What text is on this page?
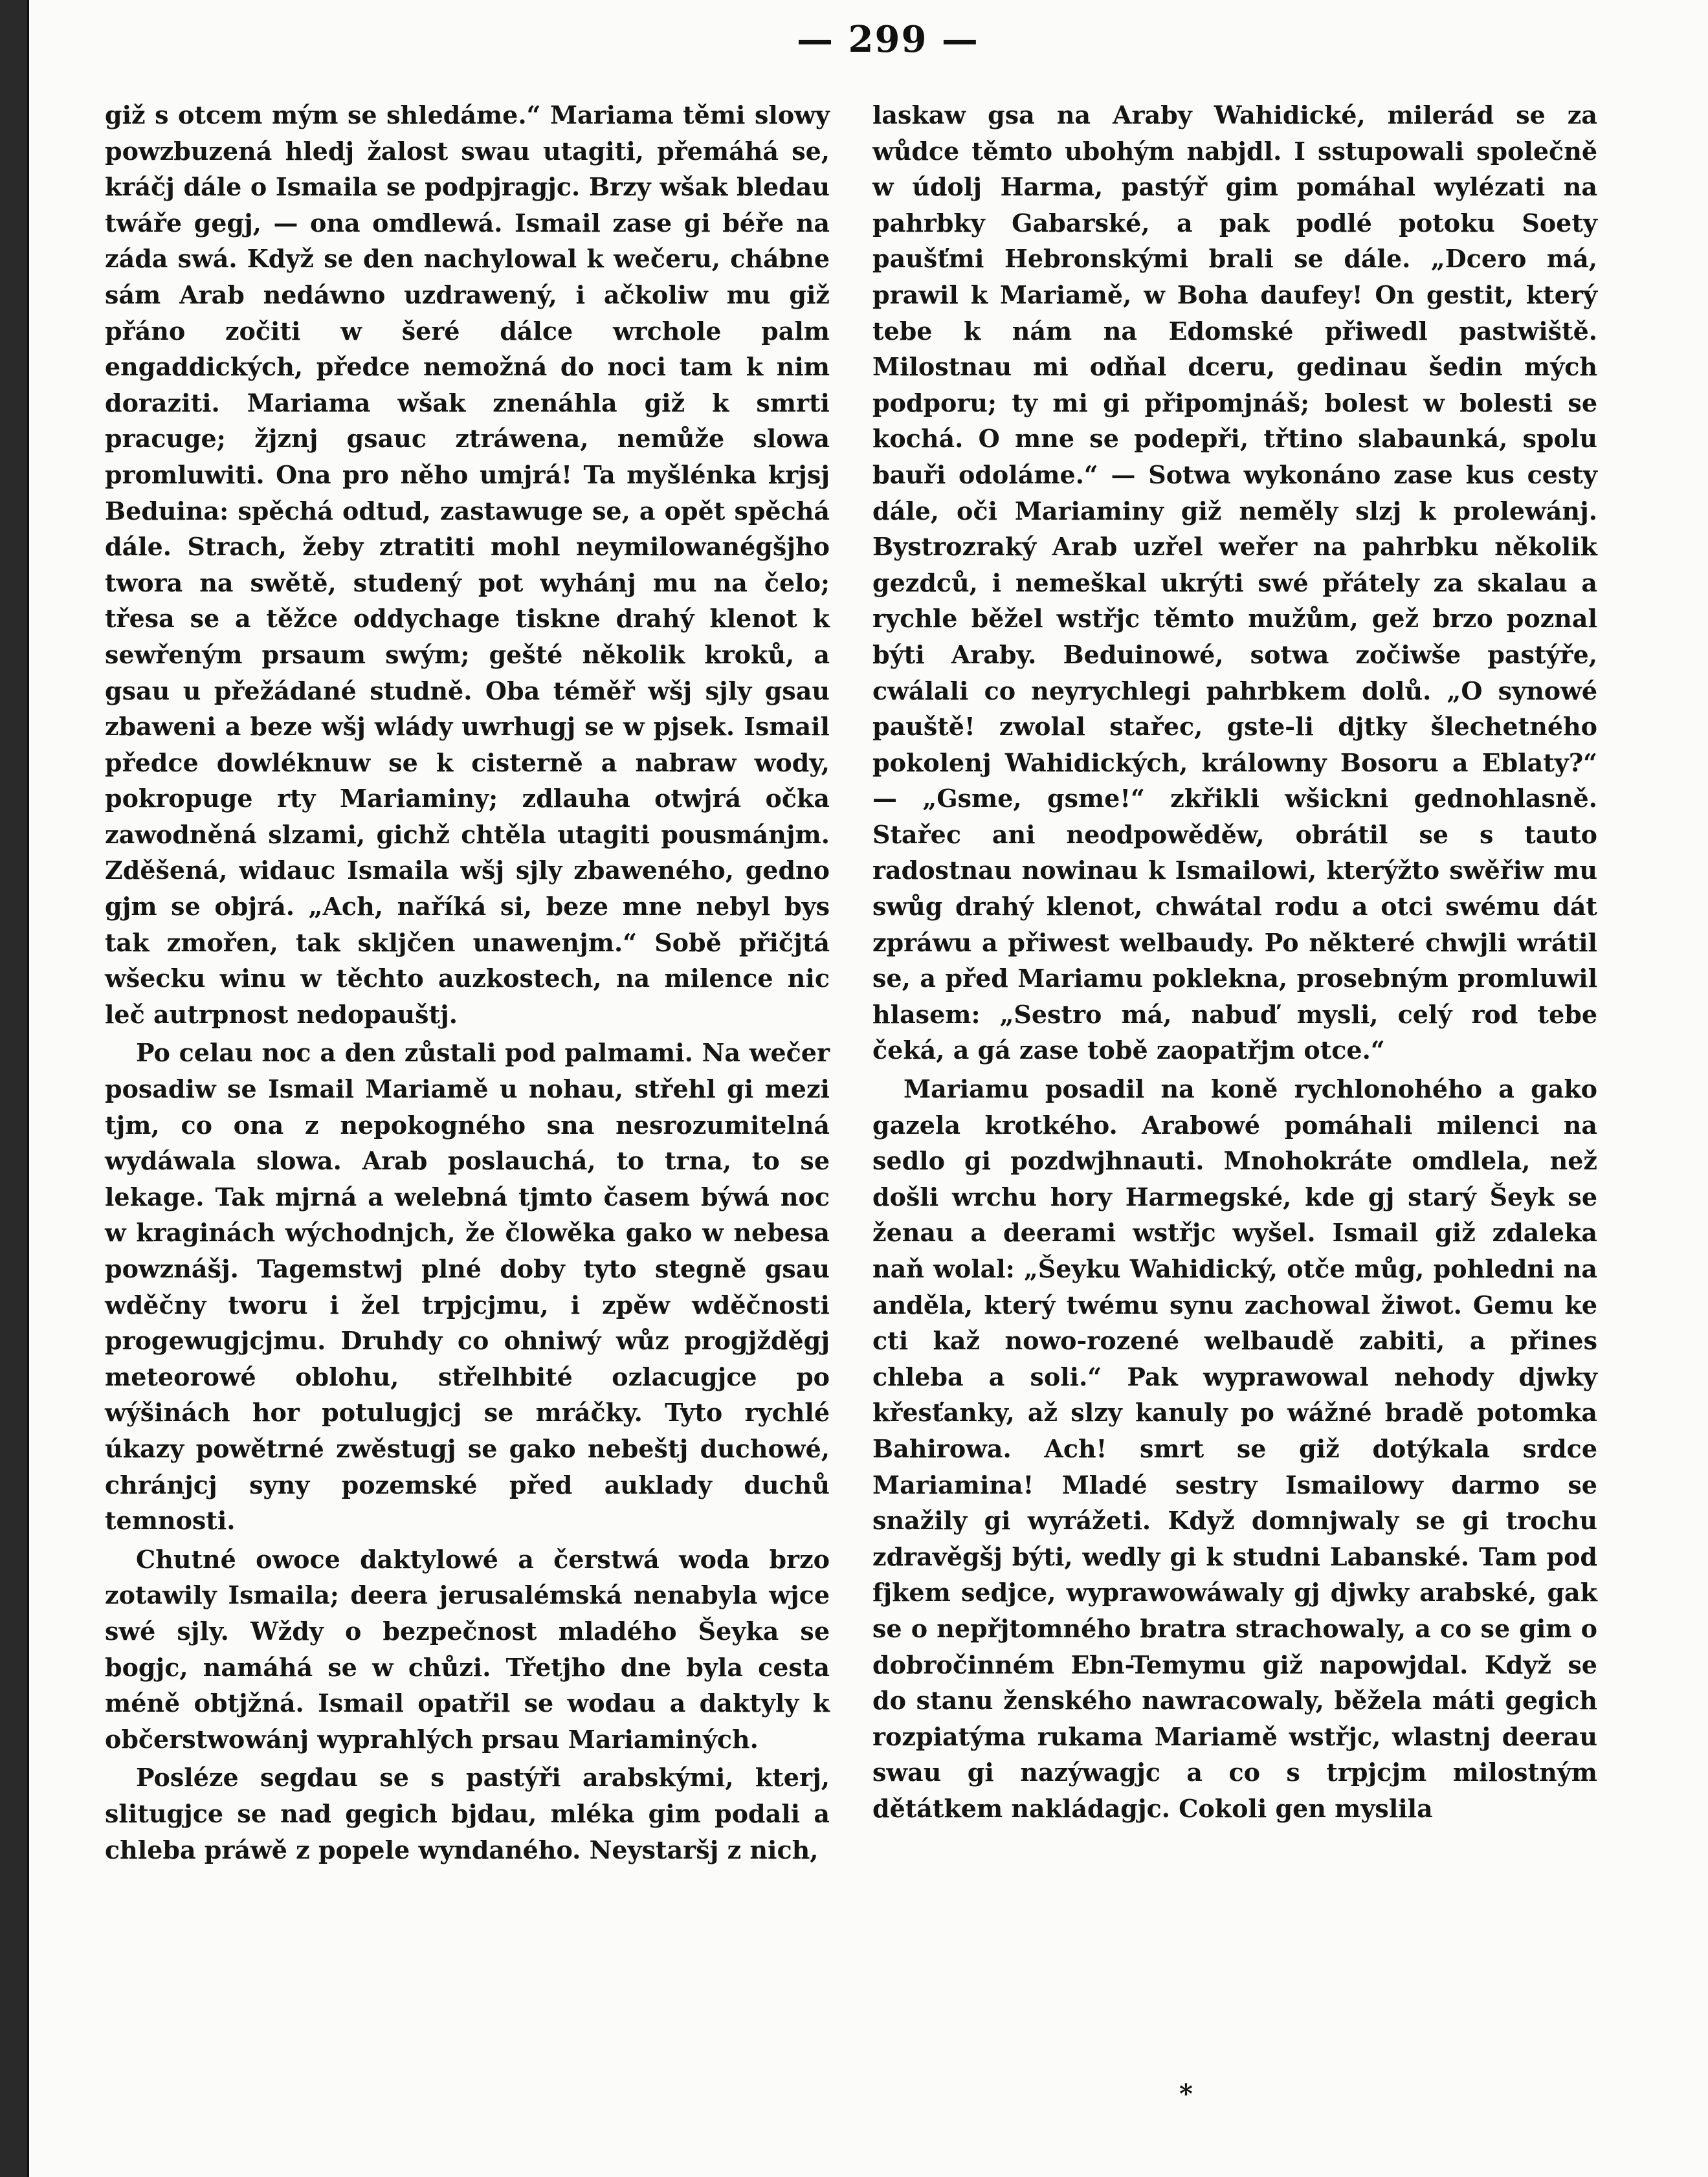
— 299 —

giž s otcem mým se shledáme.“ Mariama těmi slowy powzbuzená hledj žalost swau utagiti, přemáhá se, kráčj dále o Ismaila se podpjragjc. Brzy wšak bledau twáře gegj, — ona omdlewá. Ismail zase gi béře na záda swá. Když se den nachylowal k wečeru, chábne sám Arab nedáwno uzdrawený, i ačkoliw mu giž přáno zočiti w šeré dálce wrchole palm engaddických, předce nemožná do noci tam k nim doraziti. Mariama wšak znenáhla giž k smrti pracuge; žjznj gsauc ztráwena, nemůže slowa promluwiti. Ona pro něho umjrá! Ta myšlénka krjsj Beduina: spěchá odtud, zastawuge se, a opět spěchá dále. Strach, žeby ztratiti mohl neymilowanégšjho twora na swětě, studený pot wyhánj mu na čelo; třesa se a těžce oddychage tiskne drahý klenot k sewřeným prsaum swým; gešté několik kroků, a gsau u přežádané studně. Oba téměř wšj sjly gsau zbaweni a beze wšj wlády uwrhugj se w pjsek. Ismail předce dowléknuw se k cisterně a nabraw wody, pokropuge rty Mariaminy; zdlauha otwjrá očka zawodněná slzami, gichž chtěla utagiti pousmánjm. Zděšená, widauc Ismaila wšj sjly zbaweného, gedno gjm se objrá. „Ach, naříká si, beze mne nebyl bys tak zmořen, tak skljčen unawenjm.“ Sobě přičjtá wšecku winu w těchto auzkostech, na milence nic leč autrpnost nedopauštj.

Po celau noc a den zůstali pod palmami. Na wečer posadiw se Ismail Mariamě u nohau, střehl gi mezi tjm, co ona z nepokogného sna nesrozumitelná wydáwala slowa. Arab poslauchá, to trna, to se lekage. Tak mjrná a welebná tjmto časem býwá noc w kraginách wýchodnjch, že člowěka gako w nebesa powznášj. Tagemstwj plné doby tyto stegně gsau wděčny tworu i žel trpjcjmu, i zpěw wděčnosti progewugjcjmu. Druhdy co ohniwý wůz progjžděgj meteorowé oblohu, střelhbité ozlacugjce po wýšinách hor potulugjcj se mráčky. Tyto rychlé úkazy powětrné zwěstugj se gako nebeštj duchowé, chránjcj syny pozemské před auklady duchů temnosti.

Chutné owoce daktylowé a čerstwá woda brzo zotawily Ismaila; deera jerusalémská nenabyla wjce swé sjly. Wždy o bezpečnost mladého Šeyka se bogjc, namáhá se w chůzi. Třetjho dne byla cesta méně obtjžná. Ismail opatřil se wodau a daktyly k občerstwowánj wyprahlých prsau Mariaminých.

Posléze segdau se s pastýři arabskými, kterj, slitugjce se nad gegich bjdau, mléka gim podali a chleba práwě z popele wyndaného. Neystaršj z nich,

laskaw gsa na Araby Wahidické, milerád se za wůdce těmto ubohým nabjdl. I sstupowali společně w údolj Harma, pastýř gim pomáhal wylézati na pahrbky Gabarské, a pak podlé potoku Soety paušťmi Hebronskými brali se dále. „Dcero má, prawil k Mariamě, w Boha daufey! On gestit, který tebe k nám na Edomské přiwedl pastwiště. Milostnau mi odňal dceru, gedinau šedin mých podporu; ty mi gi připomjnáš; bolest w bolesti se kochá. O mne se podepři, třtino slabaunká, spolu bauři odoláme.“ — Sotwa wykonáno zase kus cesty dále, oči Mariaminy giž neměly slzj k prolewánj. Bystrozraký Arab uzřel weřer na pahrbku několik gezdců, i nemeškal ukrýti swé přátely za skalau a rychle běžel wstřjc těmto mužům, gež brzo poznal býti Araby. Beduinowé, sotwa zočiwše pastýře, cwálali co neyrychlegi pahrbkem dolů. „O synowé pauště! zwolal stařec, gste-li djtky šlechetného pokolenj Wahidických, králowny Bosoru a Eblaty?“ — „Gsme, gsme!“ zkřikli wšickni gednohlasně. Stařec ani neodpowěděw, obrátil se s tauto radostnau nowinau k Ismailowi, kterýžto swěřiw mu swůg drahý klenot, chwátal rodu a otci swému dát zpráwu a přiwest welbaudy. Po některé chwjli wrátil se, a před Mariamu poklekna, prosebným promluwil hlasem: „Sestro má, nabuď mysli, celý rod tebe čeká, a gá zase tobě zaopatřjm otce.“

Mariamu posadil na koně rychlonohého a gako gazela krotkého. Arabowé pomáhali milenci na sedlo gi pozdwjhnauti. Mnohokráte omdlela, než došli wrchu hory Harmegské, kde gj starý Šeyk se ženau a deerami wstřjc wyšel. Ismail giž zdaleka naň wolal: „Šeyku Wahidický, otče můg, pohledni na anděla, který twému synu zachowal žiwot. Gemu ke cti kaž nowo-rozené welbaudě zabiti, a přines chleba a soli.“ Pak wyprawowal nehody djwky křesťanky, až slzy kanuly po wážné bradě potomka Bahirowa. Ach! smrt se giž dotýkala srdce Mariamina! Mladé sestry Ismailowy darmo se snažily gi wyrážeti. Když domnjwaly se gi trochu zdravěgšj býti, wedly gi k studni Labanské. Tam pod fjkem sedjce, wyprawowáwaly gj djwky arabské, gak se o nepřjtomného bratra strachowaly, a co se gim o dobročinném Ebn-Temymu giž napowjdal. Když se do stanu ženského nawracowaly, běžela máti gegich rozpiatýma rukama Mariamě wstřjc, wlastnj deerau swau gi nazýwagjc a co s trpjcjm milostným dětátkem nakládagjc. Cokoli gen myslila

*
